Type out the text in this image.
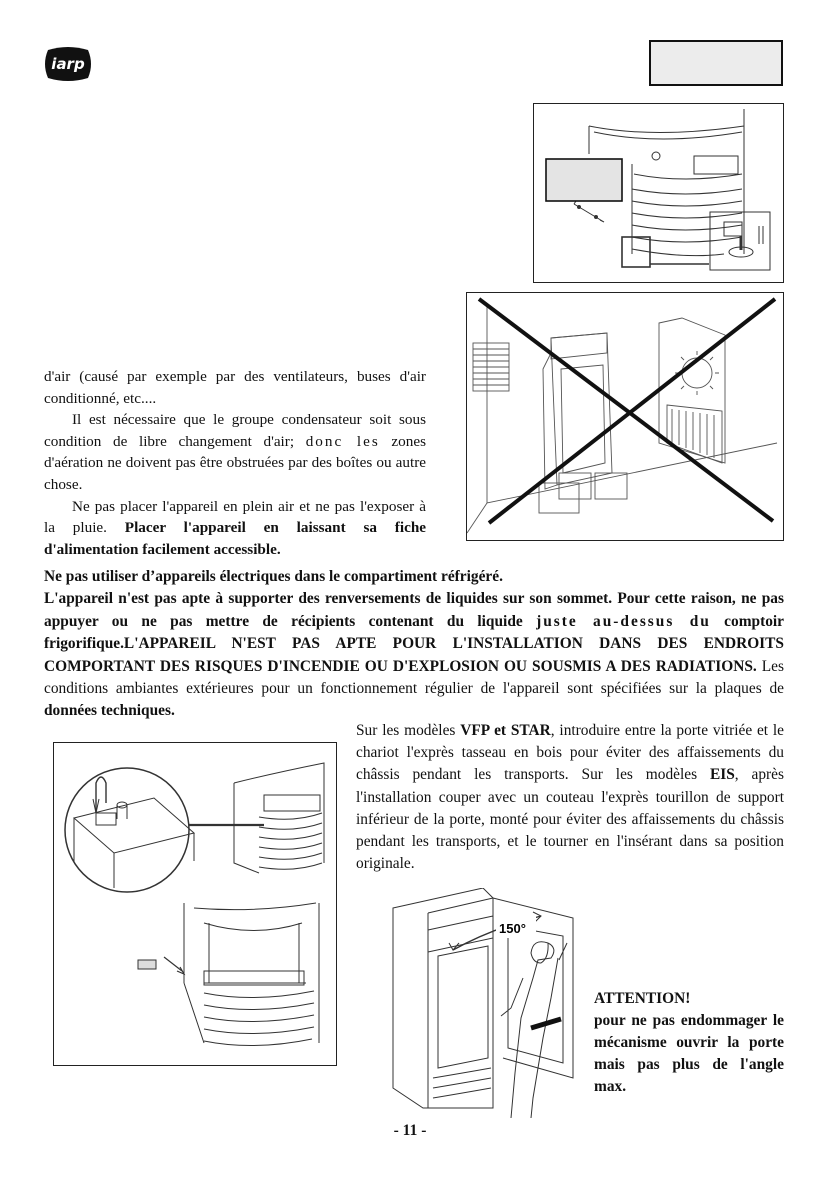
iarp

d'air (causé par exemple par des ventilateurs, buses d'air conditionné, etc....

Il est nécessaire que le groupe condensateur soit sous condition de libre changement d'air; donc les zones d'aération ne doivent pas être obstruées par des boîtes ou autre chose.

Ne pas placer l'appareil en plein air et ne pas l'exposer à la pluie. Placer l'appareil en laissant sa fiche d'alimentation facilement accessible.

Ne pas utiliser d’appareils électriques dans le compartiment réfrigéré.

L'appareil n'est pas apte à supporter des renversements de liquides sur son sommet. Pour cette raison, ne pas appuyer ou ne pas mettre de récipients contenant du liquide juste au-dessus du comptoir frigorifique.L'APPAREIL N'EST PAS APTE POUR L'INSTALLATION DANS DES ENDROITS COMPORTANT DES RISQUES D'INCENDIE OU D'EXPLOSION OU SOUSMIS A DES RADIATIONS. Les conditions ambiantes extérieures pour un fonctionnement régulier de l'appareil sont spécifiées sur la plaques de données techniques.

Sur les modèles VFP et STAR, introduire entre la porte vitriée et le chariot l'exprès tasseau en bois pour éviter des affaissements du châssis pendant les transports. Sur les modèles EIS, après l'installation couper avec un couteau l'exprès tourillon de support inférieur de la porte, monté pour éviter des affaissements du châssis pendant les transports, et le tourner en l'insérant dans sa position originale.

150°

ATTENTION!

pour ne pas endommager le mécanisme ouvrir la porte mais pas plus de l'angle max.

- 11 -
